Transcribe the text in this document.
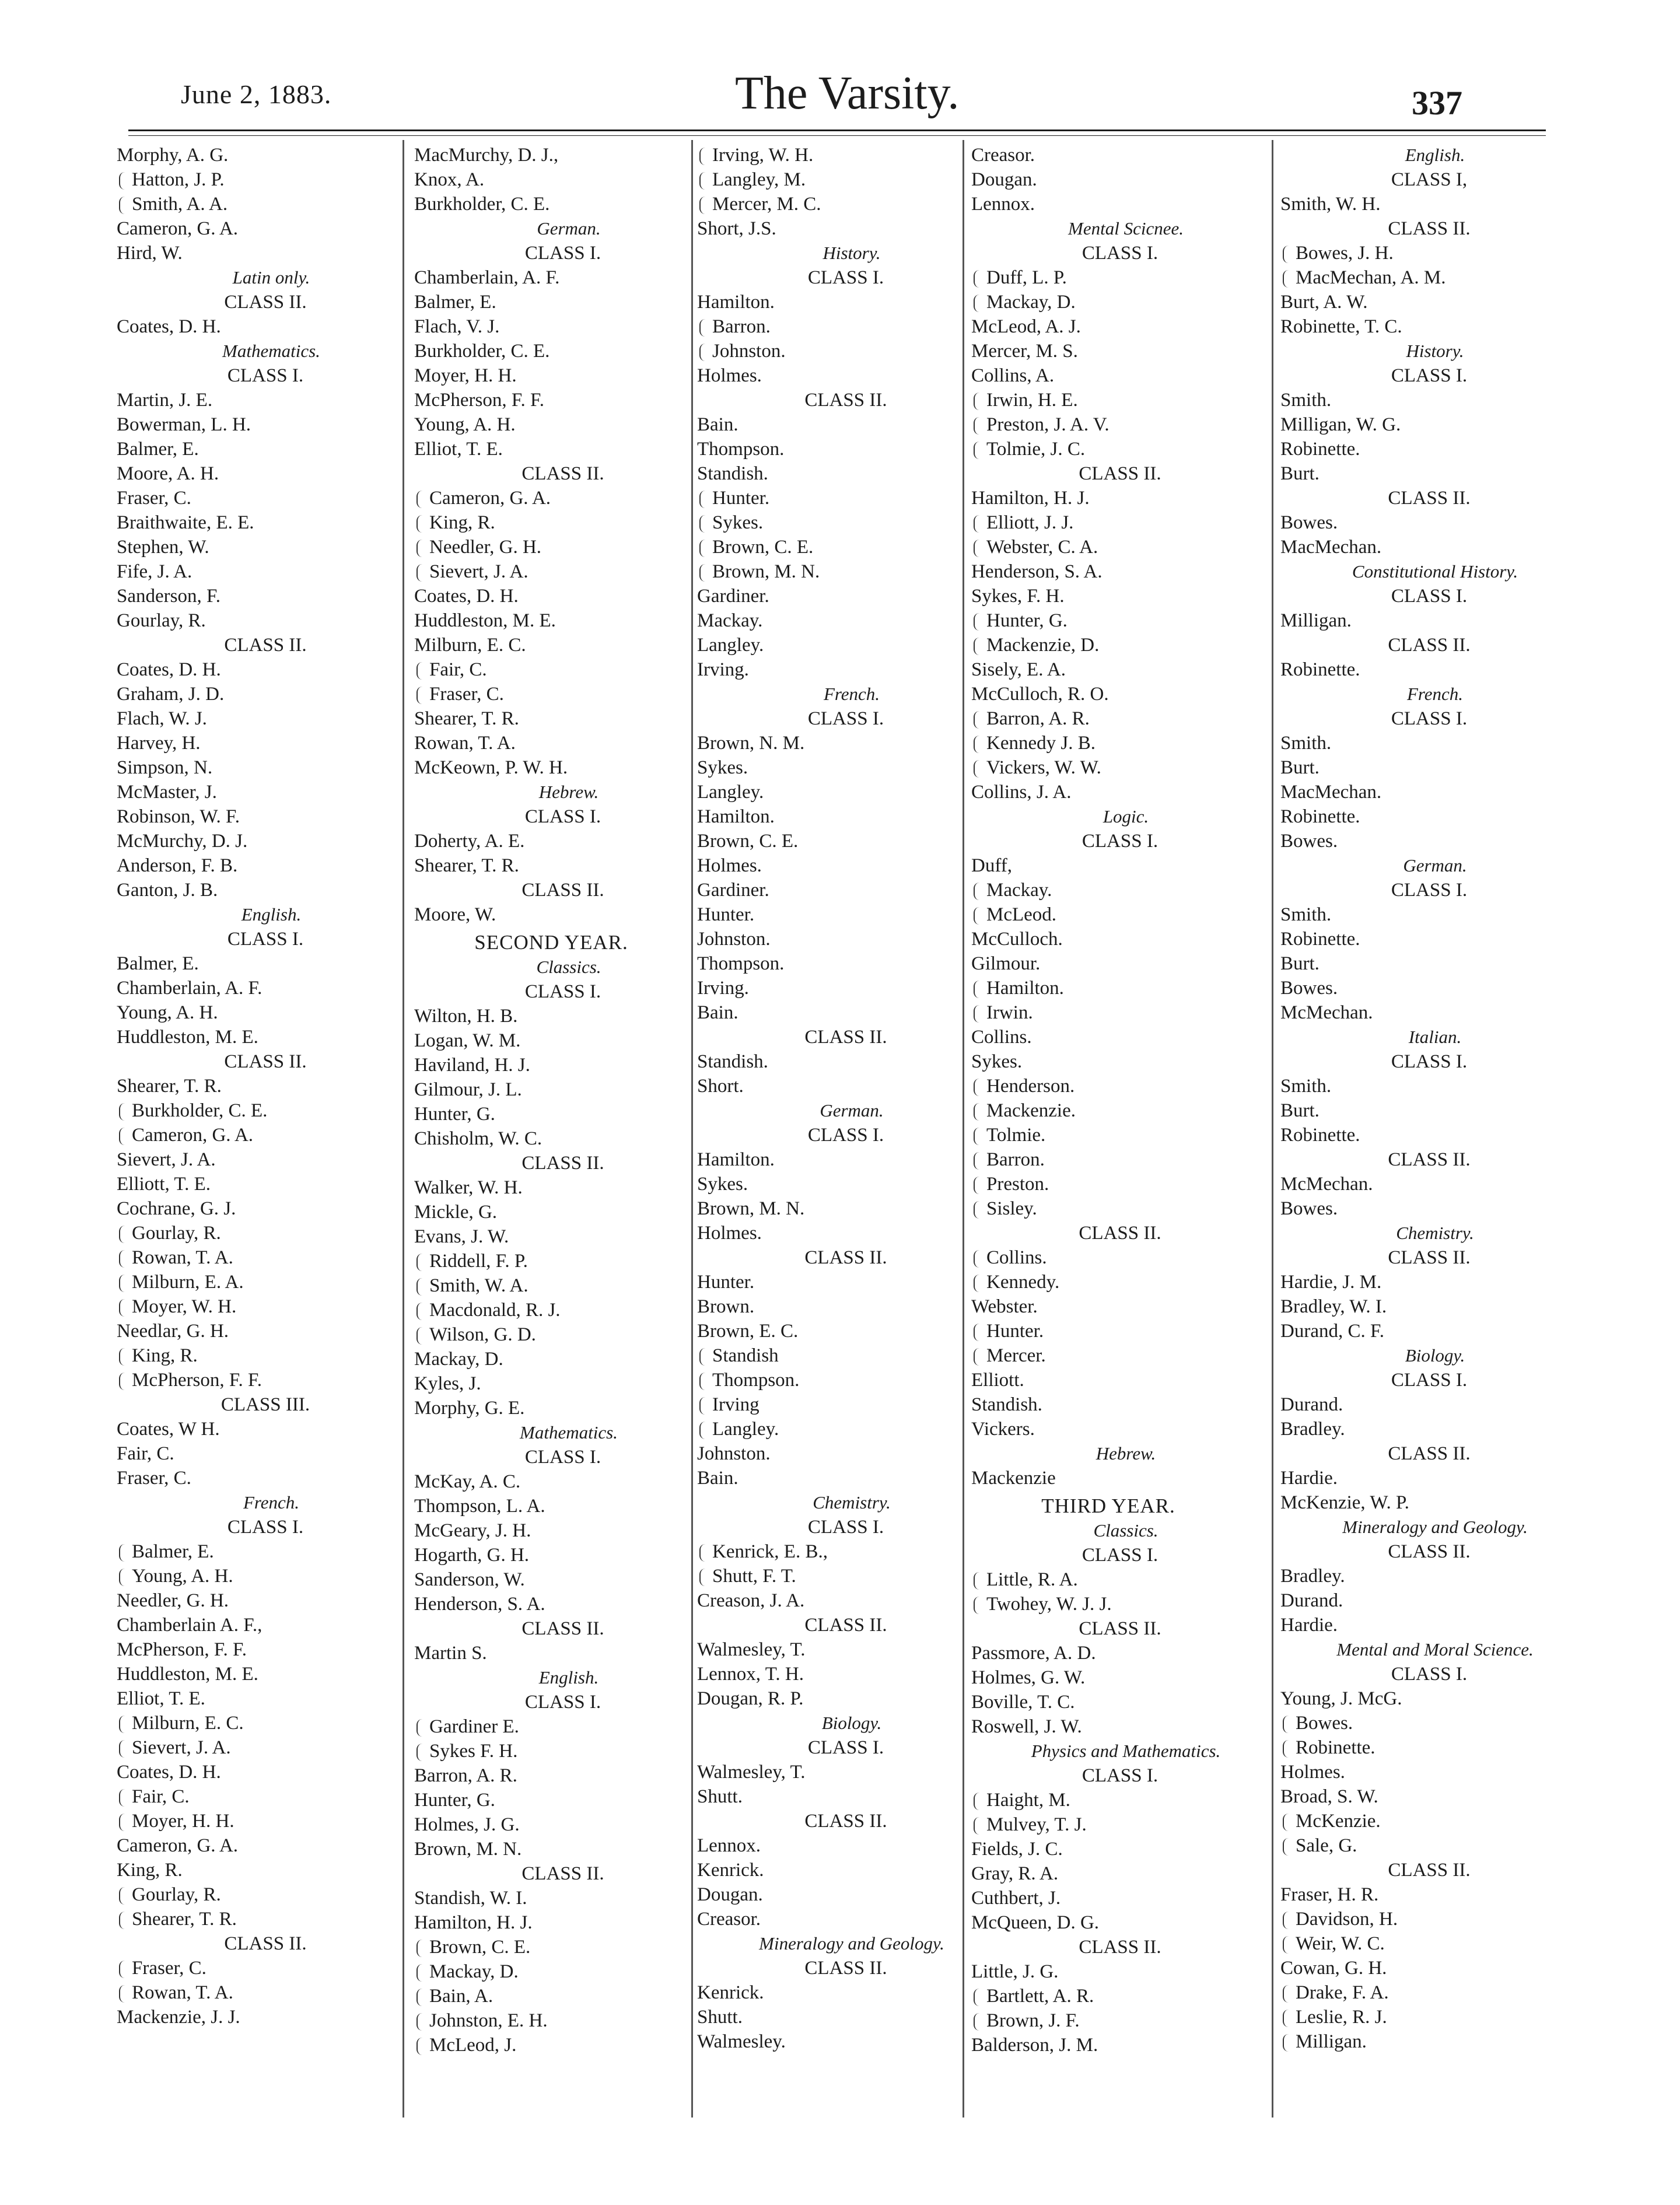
June 2, 1883.	The Varsity.	337
Morphy, A. G.
Hatton, J. P.
Smith, A. A.
Cameron, G. A.
Hird, W.
Latin only.
CLASS II.
Coates, D. H.
Mathematics.
CLASS I.
Martin, J. E.
Bowerman, L. H.
Balmer, E.
Moore, A. H.
Fraser, C.
Braithwaite, E. E.
Stephen, W.
Fife, J. A.
Sanderson, F.
Gourlay, R.
CLASS II.
Coates, D. H.
Graham, J. D.
Flach, W. J.
Harvey, H.
Simpson, N.
McMaster, J.
Robinson, W. F.
McMurchy, D. J.
Anderson, F. B.
Ganton, J. B.
English.
CLASS I.
Balmer, E.
Chamberlain, A. F.
Young, A. H.
Huddleston, M. E.
CLASS II.
Shearer, T. R.
Burkholder, C. E.
Cameron, G. A.
Sievert, J. A.
Elliott, T. E.
Cochrane, G. J.
Gourlay, R.
Rowan, T. A.
Milburn, E. A.
Moyer, W. H.
Needlar, G. H.
King, R.
McPherson, F. F.
CLASS III.
Coates, W H.
Fair, C.
Fraser, C.
French.
CLASS I.
Balmer, E.
Young, A. H.
Needler, G. H.
Chamberlain A. F.,
McPherson, F. F.
Huddleston, M. E.
Elliot, T. E.
Milburn, E. C.
Sievert, J. A.
Coates, D. H.
Fair, C.
Moyer, H. H.
Cameron, G. A.
King, R.
Gourlay, R.
Shearer, T. R.
CLASS II.
Fraser, C.
Rowan, T. A.
Mackenzie, J. J.
MacMurchy, D. J.,
Knox, A.
Burkholder, C. E.
German.
CLASS I.
Chamberlain, A. F.
Balmer, E.
Flach, V. J.
Burkholder, C. E.
Moyer, H. H.
McPherson, F. F.
Young, A. H.
Elliot, T. E.
CLASS II.
Cameron, G. A.
King, R.
Needler, G. H.
Sievert, J. A.
Coates, D. H.
Huddleston, M. E.
Milburn, E. C.
Fair, C.
Fraser, C.
Shearer, T. R.
Rowan, T. A.
McKeown, P. W. H.
Hebrew.
CLASS I.
Doherty, A. E.
Shearer, T. R.
CLASS II.
Moore, W.
SECOND YEAR.
Classics.
CLASS I.
Wilton, H. B.
Logan, W. M.
Haviland, H. J.
Gilmour, J. L.
Hunter, G.
Chisholm, W. C.
CLASS II.
Walker, W. H.
Mickle, G.
Evans, J. W.
Riddell, F. P.
Smith, W. A.
Macdonald, R. J.
Wilson, G. D.
Mackay, D.
Kyles, J.
Morphy, G. E.
Mathematics.
CLASS I.
McKay, A. C.
Thompson, L. A.
McGeary, J. H.
Hogarth, G. H.
Sanderson, W.
Henderson, S. A.
CLASS II.
Martin S.
English.
CLASS I.
Gardiner E.
Sykes F. H.
Barron, A. R.
Hunter, G.
Holmes, J. G.
Brown, M. N.
CLASS II.
Standish, W. I.
Hamilton, H. J.
Brown, C. E.
Mackay, D.
Bain, A.
Johnston, E. H.
McLeod, J.
Irving, W. H.
Langley, M.
Mercer, M. C.
Short, J.S.
History.
CLASS I.
Hamilton.
Barron.
Johnston.
Holmes.
CLASS II.
Bain.
Thompson.
Standish.
Hunter.
Sykes.
Brown, C. E.
Brown, M. N.
Gardiner.
Mackay.
Langley.
Irving.
French.
CLASS I.
Brown, N. M.
Sykes.
Langley.
Hamilton.
Brown, C. E.
Holmes.
Gardiner.
Hunter.
Johnston.
Thompson.
Irving.
Bain.
CLASS II.
Standish.
Short.
German.
CLASS I.
Hamilton.
Sykes.
Brown, M. N.
Holmes.
CLASS II.
Hunter.
Brown.
Brown, E. C.
Standish
Thompson.
Irving
Langley.
Johnston.
Bain.
Chemistry.
CLASS I.
Kenrick, E. B.,
Shutt, F. T.
Creason, J. A.
CLASS II.
Walmesley, T.
Lennox, T. H.
Dougan, R. P.
Biology.
CLASS I.
Walmesley, T.
Shutt.
CLASS II.
Lennox.
Kenrick.
Dougan.
Creasor.
Mineralogy and Geology.
CLASS II.
Kenrick.
Shutt.
Walmesley.
Creasor.
Dougan.
Lennox.
Mental Scicnee.
CLASS I.
Duff, L. P.
Mackay, D.
McLeod, A. J.
Mercer, M. S.
Collins, A.
Irwin, H. E.
Preston, J. A. V.
Tolmie, J. C.
CLASS II.
Hamilton, H. J.
Elliott, J. J.
Webster, C. A.
Henderson, S. A.
Sykes, F. H.
Hunter, G.
Mackenzie, D.
Sisely, E. A.
McCulloch, R. O.
Barron, A. R.
Kennedy J. B.
Vickers, W. W.
Collins, J. A.
Logic.
CLASS I.
Duff,
Mackay.
McLeod.
McCulloch.
Gilmour.
Hamilton.
Irwin.
Collins.
Sykes.
Henderson.
Mackenzie.
Tolmie.
Barron.
Preston.
Sisley.
CLASS II.
Collins.
Kennedy.
Webster.
Hunter.
Mercer.
Elliott.
Standish.
Vickers.
Hebrew.
Mackenzie
THIRD YEAR.
Classics.
CLASS I.
Little, R. A.
Twohey, W. J. J.
CLASS II.
Passmore, A. D.
Holmes, G. W.
Boville, T. C.
Roswell, J. W.
Physics and Mathematics.
CLASS I.
Haight, M.
Mulvey, T. J.
Fields, J. C.
Gray, R. A.
Cuthbert, J.
McQueen, D. G.
CLASS II.
Little, J. G.
Bartlett, A. R.
Brown, J. F.
Balderson, J. M.
English.
CLASS I,
Smith, W. H.
CLASS II.
Bowes, J. H.
MacMechan, A. M.
Burt, A. W.
Robinette, T. C.
History.
CLASS I.
Smith.
Milligan, W. G.
Robinette.
Burt.
CLASS II.
Bowes.
MacMechan.
Constitutional History.
CLASS I.
Milligan.
CLASS II.
Robinette.
French.
CLASS I.
Smith.
Burt.
MacMechan.
Robinette.
Bowes.
German.
CLASS I.
Smith.
Robinette.
Burt.
Bowes.
McMechan.
Italian.
CLASS I.
Smith.
Burt.
Robinette.
CLASS II.
McMechan.
Bowes.
Chemistry.
CLASS II.
Hardie, J. M.
Bradley, W. I.
Durand, C. F.
Biology.
CLASS I.
Durand.
Bradley.
CLASS II.
Hardie.
McKenzie, W. P.
Mineralogy and Geology.
CLASS II.
Bradley.
Durand.
Hardie.
Mental and Moral Science.
CLASS I.
Young, J. McG.
Bowes.
Robinette.
Holmes.
Broad, S. W.
McKenzie.
Sale, G.
CLASS II.
Fraser, H. R.
Davidson, H.
Weir, W. C.
Cowan, G. H.
Drake, F. A.
Leslie, R. J.
Milligan.
